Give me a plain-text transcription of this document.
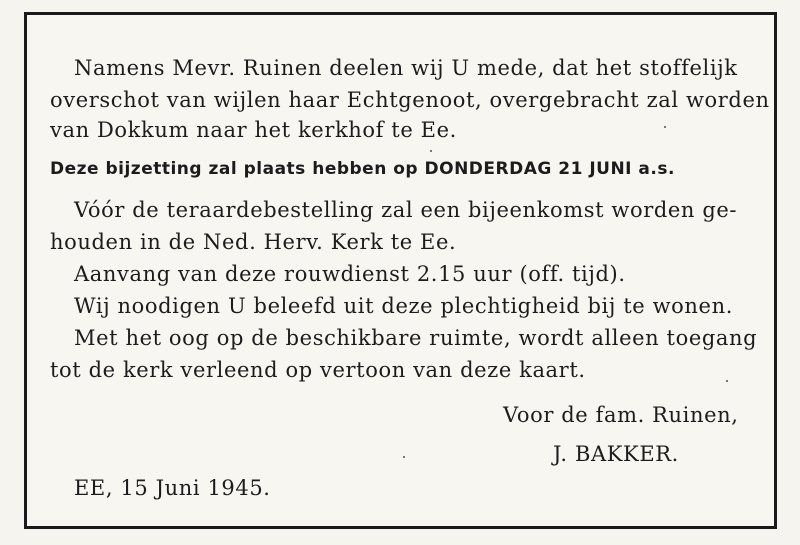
Namens Mevr. Ruinen deelen wij U mede, dat het stoffelijk
overschot van wijlen haar Echtgenoot, overgebracht zal worden
van Dokkum naar het kerkhof te Ee.
Deze bijzetting zal plaats hebben op DONDERDAG 21 JUNI a.s.
Vóór de teraardebestelling zal een bijeenkomst worden ge-
houden in de Ned. Herv. Kerk te Ee.
Aanvang van deze rouwdienst 2.15 uur (off. tijd).
Wij noodigen U beleefd uit deze plechtigheid bij te wonen.
Met het oog op de beschikbare ruimte, wordt alleen toegang
tot de kerk verleend op vertoon van deze kaart.
Voor de fam. Ruinen,
J. BAKKER.
EE, 15 Juni 1945.
